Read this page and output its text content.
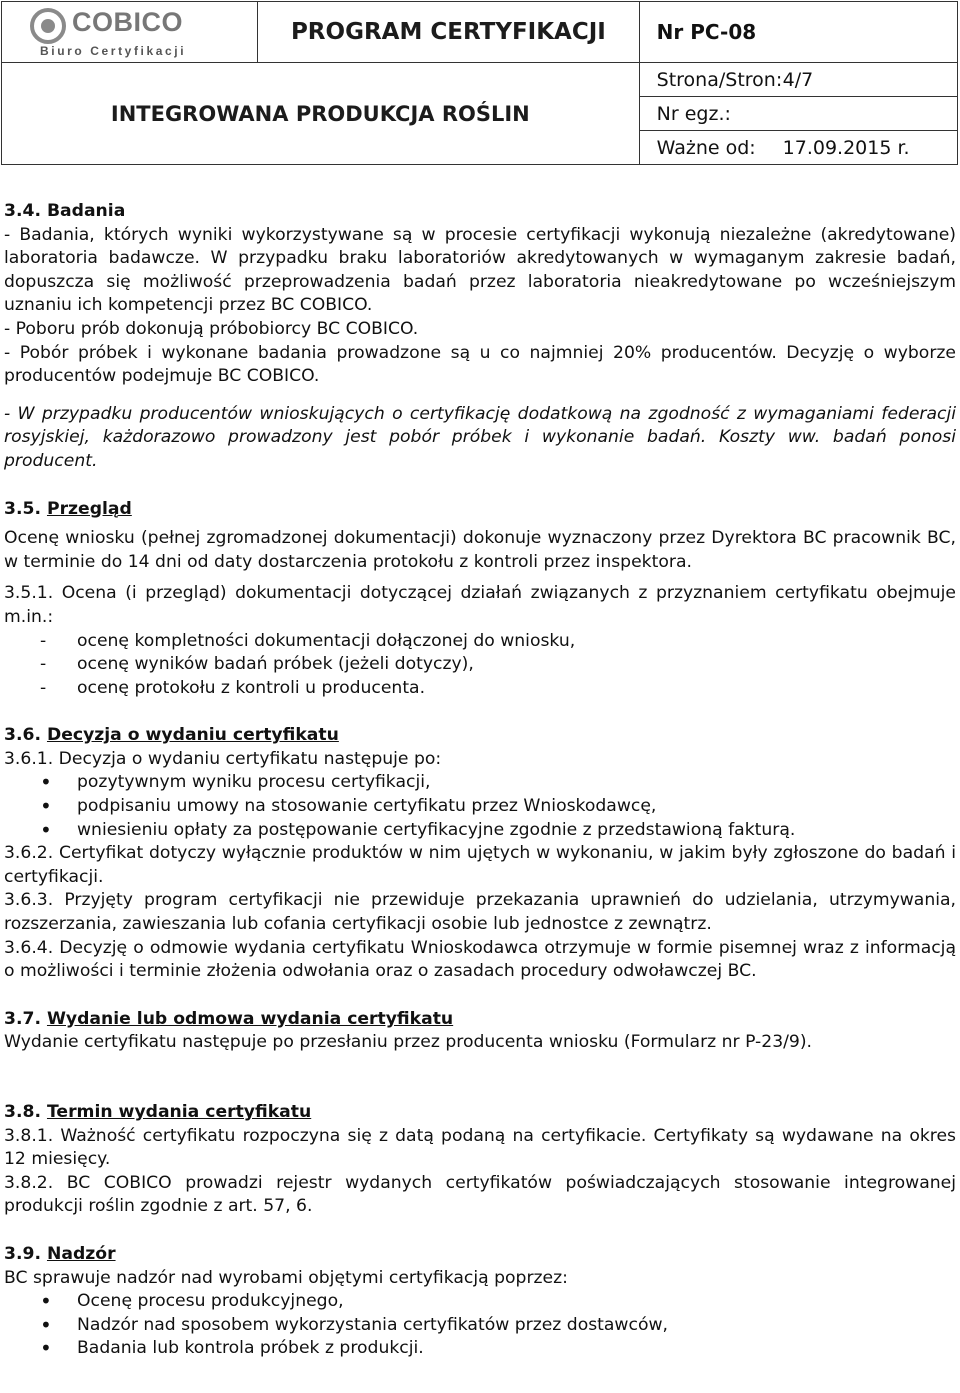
COBICO
Biuro Certyfikacji	PROGRAM CERTYFIKACJI	Nr PC-08
INTEGROWANA PRODUKCJA ROŚLIN		Strona/Stron:4/7
		Nr egz.:
		Ważne od: 17.09.2015 r.

3.4. Badania

- Badania, których wyniki wykorzystywane są w procesie certyfikacji wykonują niezależne (akredytowane) laboratoria badawcze. W przypadku braku laboratoriów akredytowanych w wymaganym zakresie badań, dopuszcza się możliwość przeprowadzenia badań przez laboratoria nieakredytowane po wcześniejszym uznaniu ich kompetencji przez BC COBICO.

- Poboru prób dokonują próbobiorcy BC COBICO.

- Pobór próbek i wykonane badania prowadzone są u co najmniej 20% producentów. Decyzję o wyborze producentów podejmuje BC COBICO.

- W przypadku producentów wnioskujących o certyfikację dodatkową na zgodność z wymaganiami federacji rosyjskiej, każdorazowo prowadzony jest pobór próbek i wykonanie badań. Koszty ww. badań ponosi producent.

3.5. Przegląd

Ocenę wniosku (pełnej zgromadzonej dokumentacji) dokonuje wyznaczony przez Dyrektora BC pracownik BC, w terminie do 14 dni od daty dostarczenia protokołu z kontroli przez inspektora.

3.5.1. Ocena (i przegląd) dokumentacji dotyczącej działań związanych z przyznaniem certyfikatu obejmuje m.in.:

- ocenę kompletności dokumentacji dołączonej do wniosku,
- ocenę wyników badań próbek (jeżeli dotyczy),
- ocenę protokołu z kontroli u producenta.

3.6. Decyzja o wydaniu certyfikatu

3.6.1. Decyzja o wydaniu certyfikatu następuje po:

• pozytywnym wyniku procesu certyfikacji,
• podpisaniu umowy na stosowanie certyfikatu przez Wnioskodawcę,
• wniesieniu opłaty za postępowanie certyfikacyjne zgodnie z przedstawioną fakturą.

3.6.2. Certyfikat dotyczy wyłącznie produktów w nim ujętych w wykonaniu, w jakim były zgłoszone do badań i certyfikacji.

3.6.3. Przyjęty program certyfikacji nie przewiduje przekazania uprawnień do udzielania, utrzymywania, rozszerzania, zawieszania lub cofania certyfikacji osobie lub jednostce z zewnątrz.

3.6.4. Decyzję o odmowie wydania certyfikatu Wnioskodawca otrzymuje w formie pisemnej wraz z informacją o możliwości i terminie złożenia odwołania oraz o zasadach procedury odwoławczej BC.

3.7. Wydanie lub odmowa wydania certyfikatu

Wydanie certyfikatu następuje po przesłaniu przez producenta wniosku (Formularz nr P-23/9).

3.8. Termin wydania certyfikatu

3.8.1. Ważność certyfikatu rozpoczyna się z datą podaną na certyfikacie. Certyfikaty są wydawane na okres 12 miesięcy.

3.8.2. BC COBICO prowadzi rejestr wydanych certyfikatów poświadczających stosowanie integrowanej produkcji roślin zgodnie z art. 57, 6.

3.9. Nadzór

BC sprawuje nadzór nad wyrobami objętymi certyfikacją poprzez:

• Ocenę procesu produkcyjnego,
• Nadzór nad sposobem wykorzystania certyfikatów przez dostawców,
• Badania lub kontrola próbek z produkcji.
